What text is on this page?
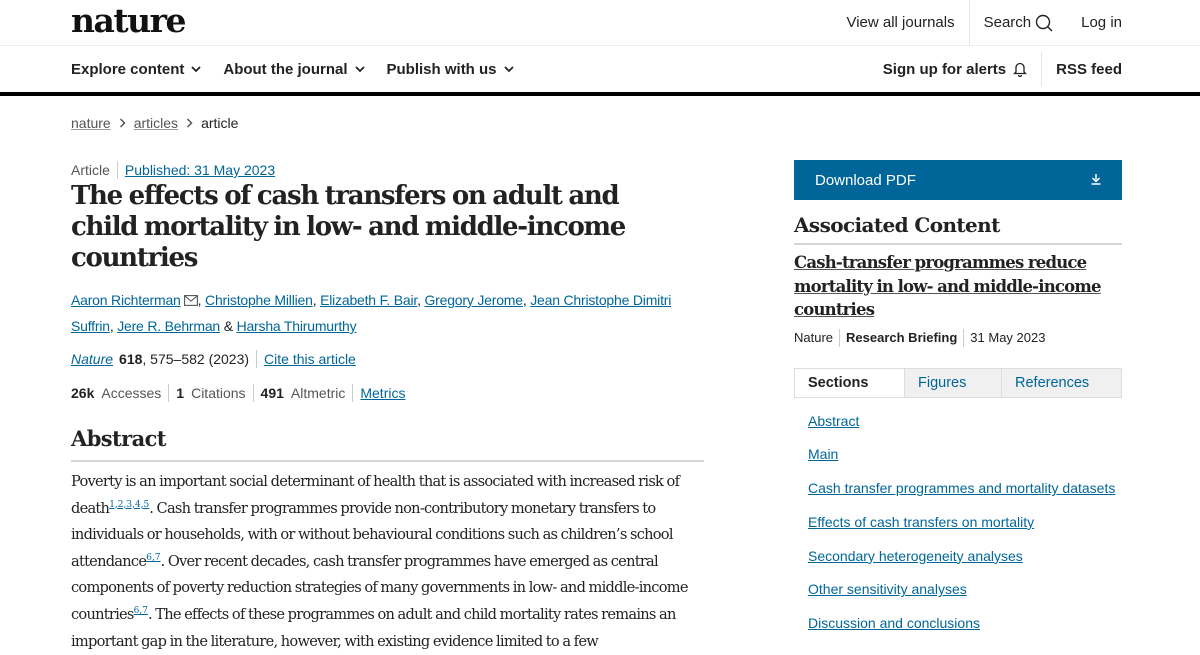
nature	View all journals	Search	Log in
Explore content	About the journal	Publish with us	Sign up for alerts	RSS feed
nature articles article
Article Published: 31 May 2023
The effects of cash transfers on adult and child mortality in low- and middle-income countries
Aaron Richterman , Christophe Millien, Elizabeth F. Bair, Gregory Jerome, Jean Christophe Dimitri Suffrin, Jere R. Behrman & Harsha Thirumurthy
Nature 618 , 575–582 (2023) Cite this article
26k Accesses 1 Citations 491 Altmetric Metrics
Abstract

Poverty is an important social determinant of health that is associated with increased risk of death$^{1,2,3,4,5}$. Cash transfer programmes provide non-contributory monetary transfers to individuals or households, with or without behavioural conditions such as children’s school attendance$^{6,7}$. Over recent decades, cash transfer programmes have emerged as central components of poverty reduction strategies of many governments in low- and middle-income countries$^{6,7}$. The effects of these programmes on adult and child mortality rates remains an important gap in the literature, however, with existing evidence limited to a few

Download PDF
Associated Content
Cash-transfer programmes reduce mortality in low- and middle-income countries
Nature Research Briefing 31 May 2023
Sections	Figures	References
Abstract
Main
Cash transfer programmes and mortality datasets
Effects of cash transfers on mortality
Secondary heterogeneity analyses
Other sensitivity analyses
Discussion and conclusions
